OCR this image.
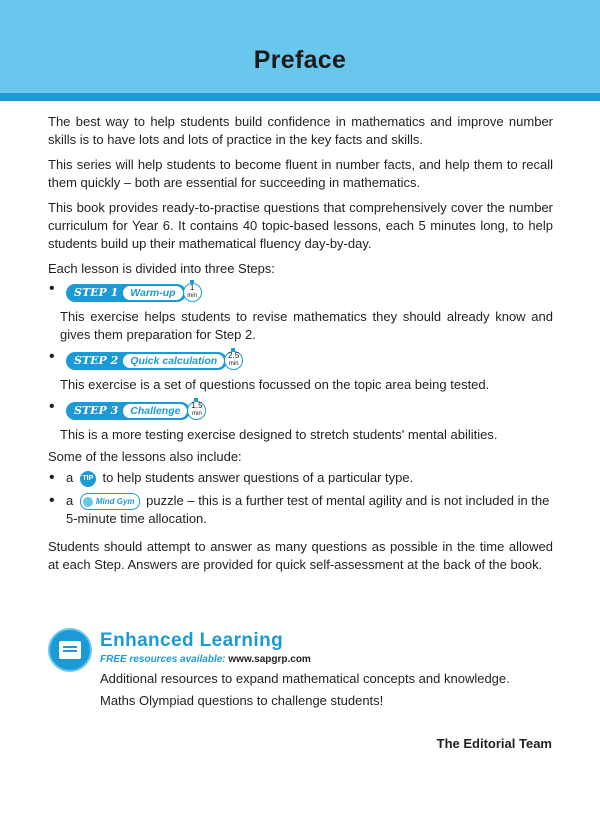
Preface

The best way to help students build confidence in mathematics and improve number skills is to have lots and lots of practice in the key facts and skills.

This series will help students to become fluent in number facts, and help them to recall them quickly – both are essential for succeeding in mathematics.

This book provides ready-to-practise questions that comprehensively cover the number curriculum for Year 6. It contains 40 topic-based lessons, each 5 minutes long, to help students build up their mathematical fluency day-by-day.

Each lesson is divided into three Steps:

• STEP 1	Warm-up	1
min

This exercise helps students to revise mathematics they should already know and gives them preparation for Step 2.

• STEP 2	Quick calculation	2.5
min

This exercise is a set of questions focussed on the topic area being tested.

• STEP 3	Challenge	1.5
min

This is a more testing exercise designed to stretch students' mental abilities.

Some of the lessons also include:

• a TIP to help students answer questions of a particular type.
• a	Mind Gym puzzle – this is a further test of mental agility and is not included in the 5-minute time allocation.

Students should attempt to answer as many questions as possible in the time allowed at each Step. Answers are provided for quick self-assessment at the back of the book.

Enhanced Learning
FREE resources available: www.sapgrp.com
Additional resources to expand mathematical concepts and knowledge.
Maths Olympiad questions to challenge students!
The Editorial Team
